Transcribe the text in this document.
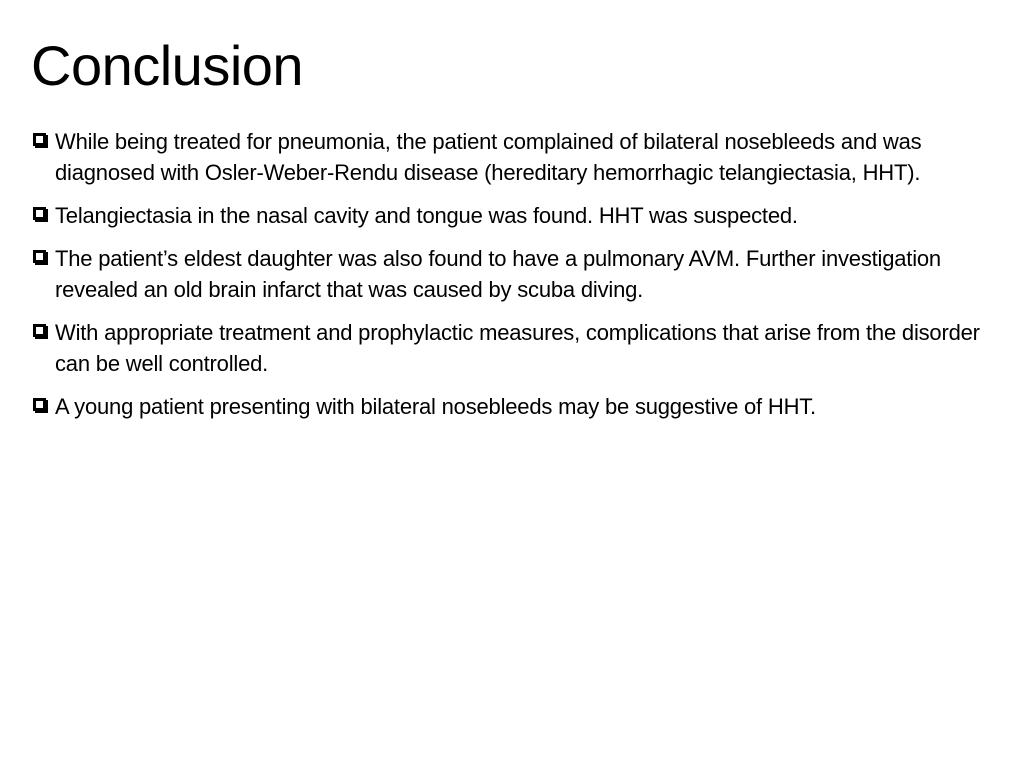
Conclusion
While being treated for pneumonia, the patient complained of bilateral nosebleeds and was diagnosed with Osler-Weber-Rendu disease (hereditary hemorrhagic telangiectasia, HHT).
Telangiectasia in the nasal cavity and tongue was found. HHT was suspected.
The patient’s eldest daughter was also found to have a pulmonary AVM. Further investigation revealed an old brain infarct that was caused by scuba diving.
With appropriate treatment and prophylactic measures, complications that arise from the disorder can be well controlled.
A young patient presenting with bilateral nosebleeds may be suggestive of HHT.
